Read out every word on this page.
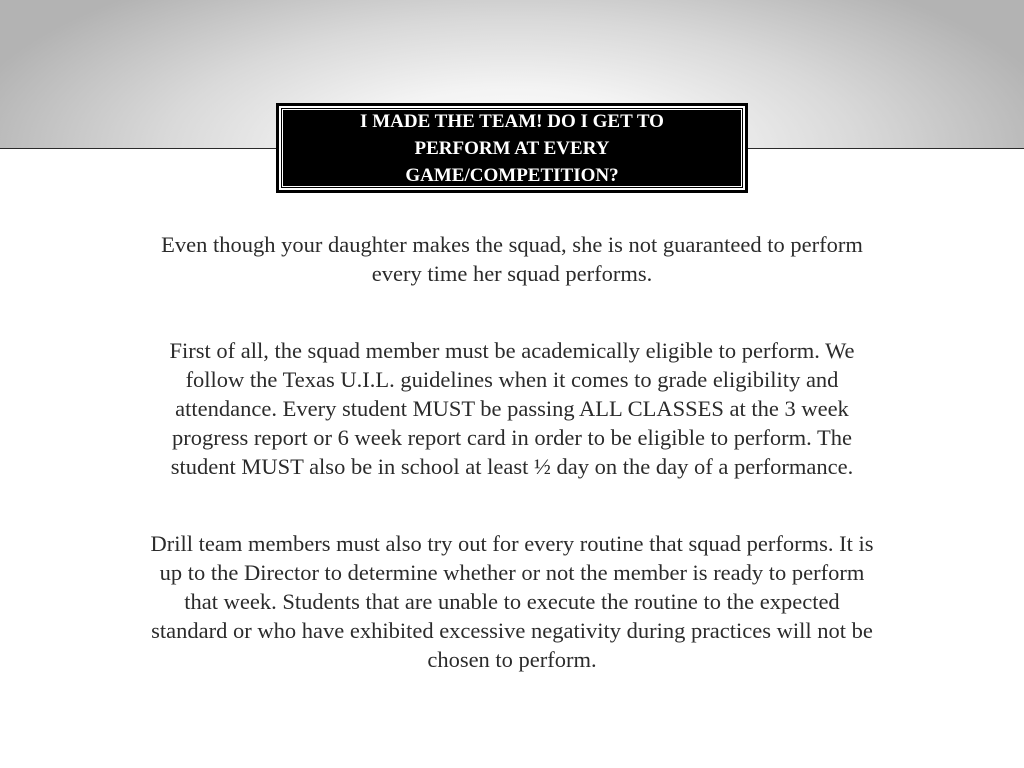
I MADE THE TEAM! DO I GET TO
PERFORM AT EVERY
GAME/COMPETITION?

Even though your daughter makes the squad, she is not guaranteed to perform
every time her squad performs.

First of all, the squad member must be academically eligible to perform. We
follow the Texas U.I.L. guidelines when it comes to grade eligibility and
attendance. Every student MUST be passing ALL CLASSES at the 3 week
progress report or 6 week report card in order to be eligible to perform. The
student MUST also be in school at least ½ day on the day of a performance.

Drill team members must also try out for every routine that squad performs. It is
up to the Director to determine whether or not the member is ready to perform
that week. Students that are unable to execute the routine to the expected
standard or who have exhibited excessive negativity during practices will not be
chosen to perform.
